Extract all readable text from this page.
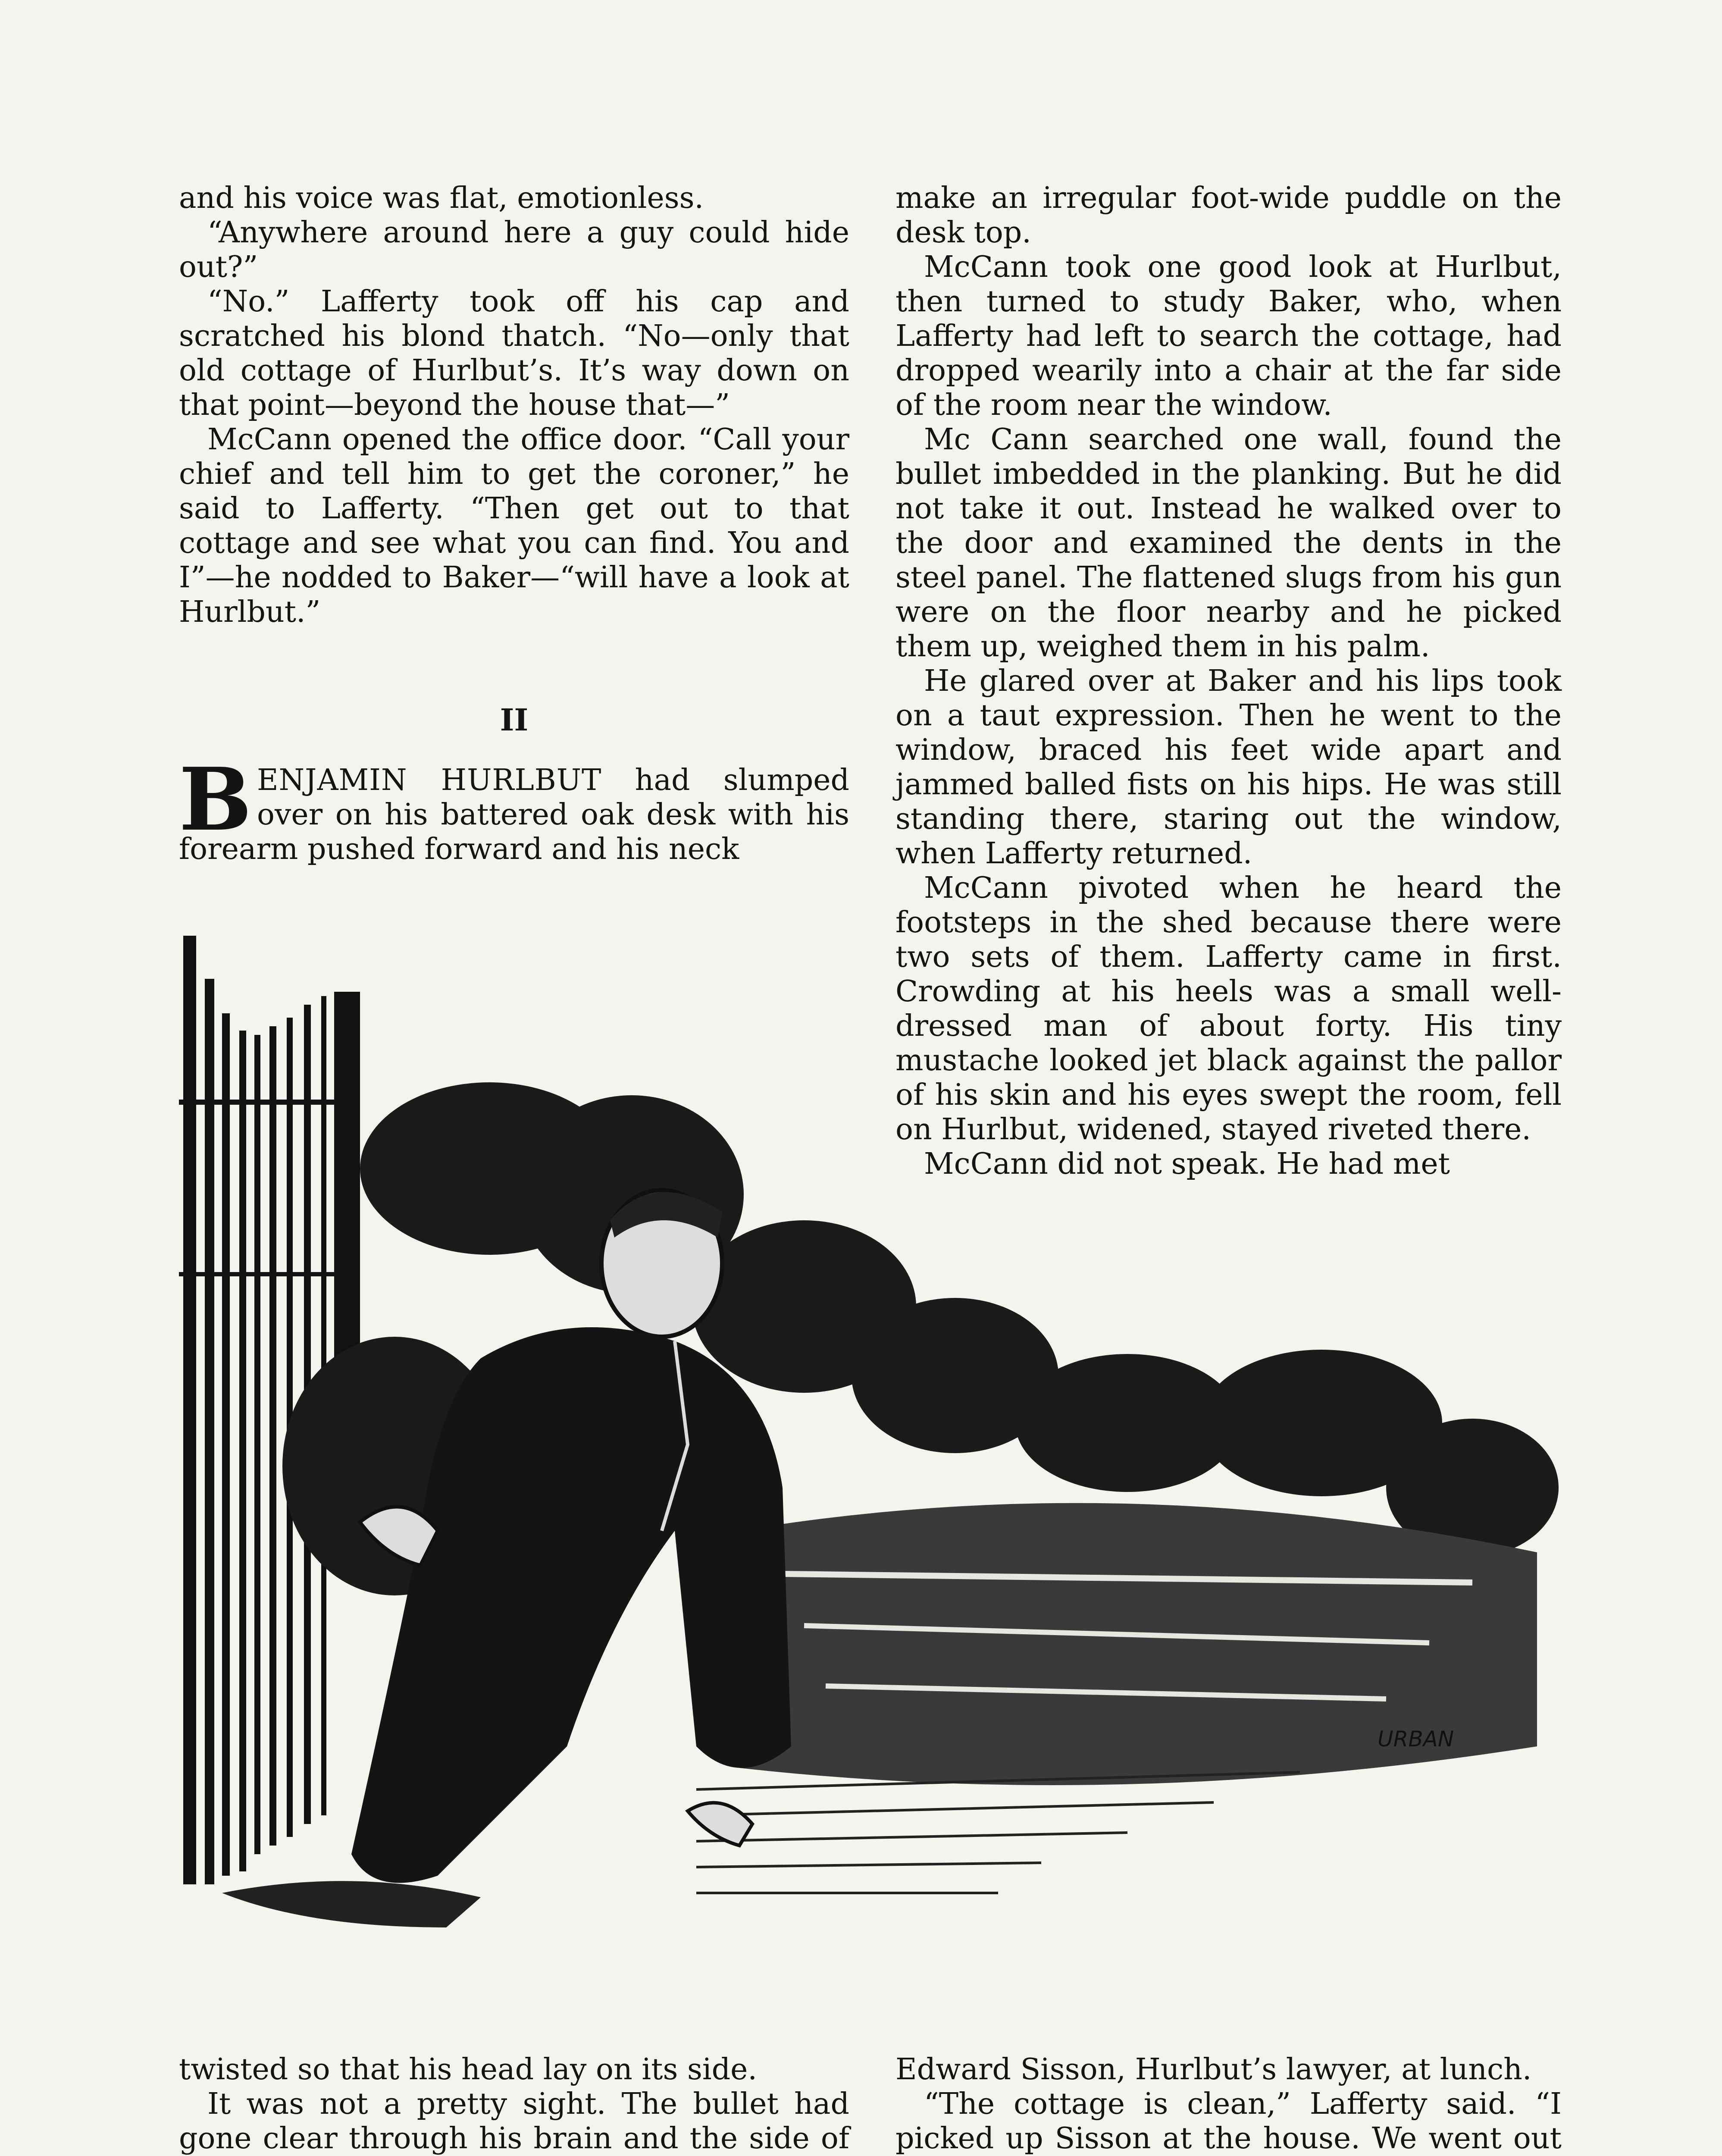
and his voice was flat, emotionless.

“Anywhere around here a guy could hide out?”

“No.” Lafferty took off his cap and scratched his blond thatch. “No—only that old cottage of Hurlbut’s. It’s way down on that point—beyond the house that—”

McCann opened the office door. “Call your chief and tell him to get the coroner,” he said to Lafferty. “Then get out to that cottage and see what you can find. You and I”—he nodded to Baker—“will have a look at Hurlbut.”

II

BENJAMIN HURLBUT had slumped over on his battered oak desk with his forearm pushed forward and his neck

make an irregular foot-wide puddle on the desk top.

McCann took one good look at Hurlbut, then turned to study Baker, who, when Lafferty had left to search the cottage, had dropped wearily into a chair at the far side of the room near the window.

Mc Cann searched one wall, found the bullet imbedded in the planking. But he did not take it out. Instead he walked over to the door and examined the dents in the steel panel. The flattened slugs from his gun were on the floor nearby and he picked them up, weighed them in his palm.

He glared over at Baker and his lips took on a taut expression. Then he went to the window, braced his feet wide apart and jammed balled fists on his hips. He was still standing there, staring out the window, when Lafferty returned.

McCann pivoted when he heard the footsteps in the shed because there were two sets of them. Lafferty came in first. Crowding at his heels was a small well-dressed man of about forty. His tiny mustache looked jet black against the pallor of his skin and his eyes swept the room, fell on Hurlbut, widened, stayed riveted there.

McCann did not speak. He had met

URBAN

twisted so that his head lay on its side.

It was not a pretty sight. The bullet had gone clear through his brain and the side of

Edward Sisson, Hurlbut’s lawyer, at lunch.

“The cottage is clean,” Lafferty said. “I picked up Sisson at the house. We went out
